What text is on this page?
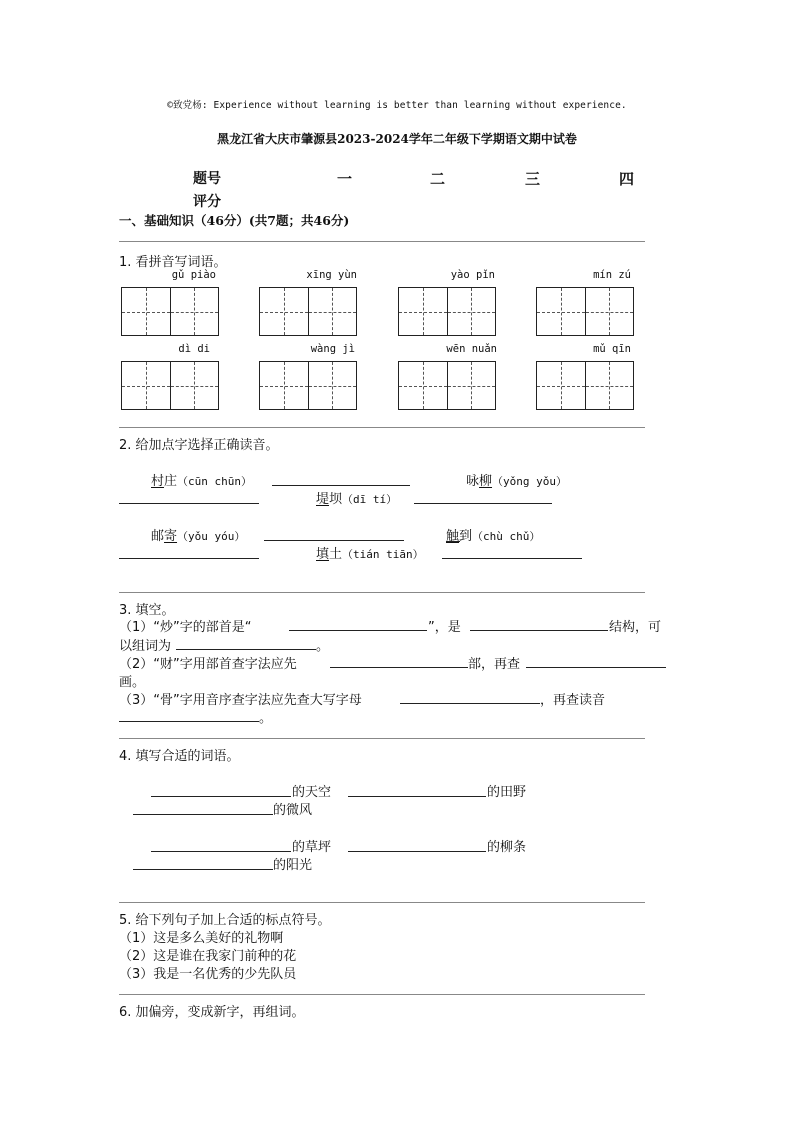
©致党杨: Experience without learning is better than learning without experience.
黑龙江省大庆市肇源县2023-2024学年二年级下学期语文期中试卷
题号	一	二	三	四
评分
一、基础知识（46分）(共7题；共46分)
1. 看拼音写词语。
gǔ piào	xīng yùn	yào pǐn	mín zú
dì di	wàng jì	wēn nuǎn	mǔ qīn
2. 给加点字选择正确读音。
村庄（cūn chūn）	咏柳（yǒng yǒu）
堤坝（dī tí）
邮寄（yǒu yóu）	触到（chù chǔ）
填土（tián tiān）
3. 填空。
（1）“炒”字的部首是“	”，是	结构，可
以组词为	。
（2）“财”字用部首查字法应先	部，再查
画。
（3）“骨”字用音序查字法应先查大写字母	，再查读音
。
4. 填写合适的词语。
的天空	的田野
的微风
的草坪	的柳条
的阳光
5. 给下列句子加上合适的标点符号。
（1）这是多么美好的礼物啊
（2）这是谁在我家门前种的花
（3）我是一名优秀的少先队员
6. 加偏旁，变成新字，再组词。
